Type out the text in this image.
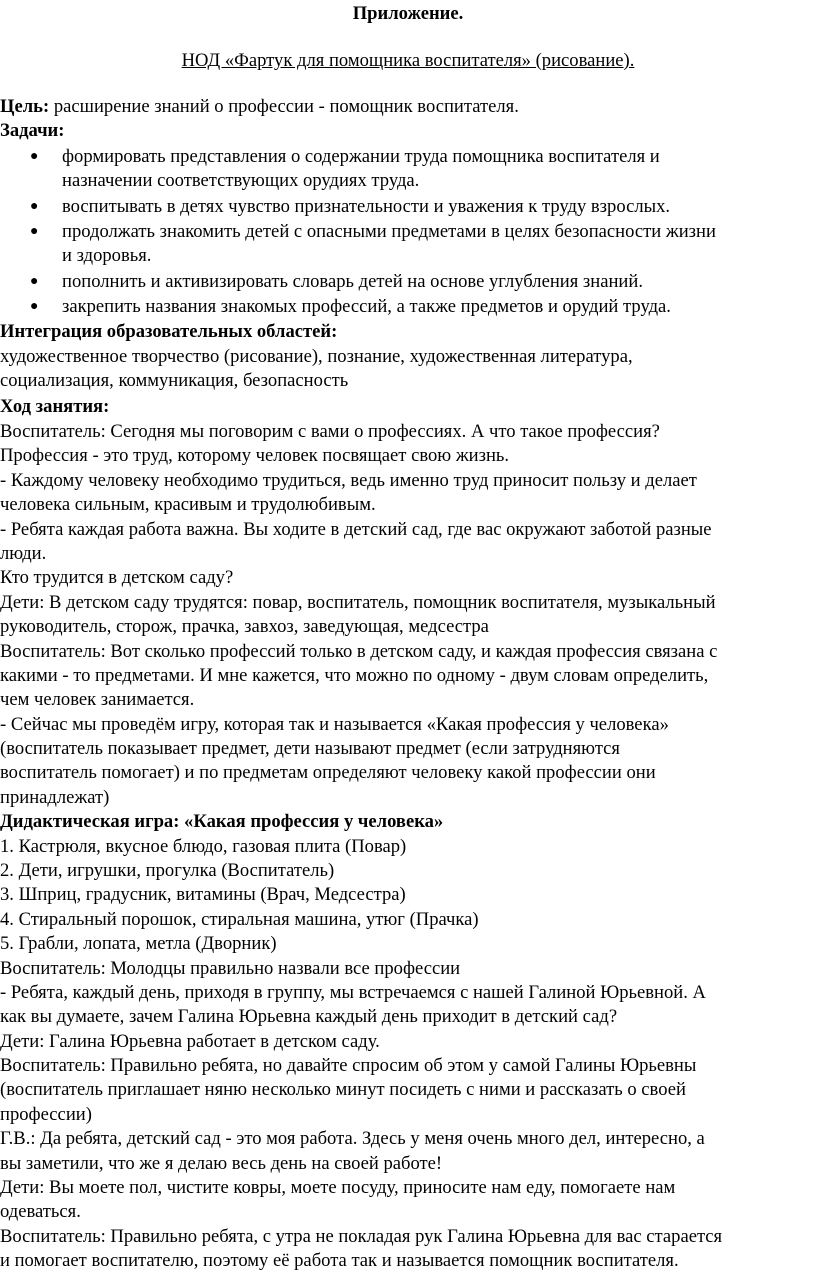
Приложение.
НОД «Фартук для помощника воспитателя» (рисование).
Цель: расширение знаний о профессии - помощник воспитателя.
Задачи:
● формировать представления о содержании труда помощника воспитателя и
назначении соответствующих орудиях труда.
● воспитывать в детях чувство признательности и уважения к труду взрослых.
● продолжать знакомить детей с опасными предметами в целях безопасности жизни
и здоровья.
● пополнить и активизировать словарь детей на основе углубления знаний.
● закрепить названия знакомых профессий, а также предметов и орудий труда.
Интеграция образовательных областей:
художественное творчество (рисование), познание, художественная литература,
социализация, коммуникация, безопасность
Ход занятия:
Воспитатель: Сегодня мы поговорим с вами о профессиях. А что такое профессия?
Профессия - это труд, которому человек посвящает свою жизнь.
- Каждому человеку необходимо трудиться, ведь именно труд приносит пользу и делает
человека сильным, красивым и трудолюбивым.
- Ребята каждая работа важна. Вы ходите в детский сад, где вас окружают заботой разные
люди.
Кто трудится в детском саду?
Дети: В детском саду трудятся: повар, воспитатель, помощник воспитателя, музыкальный
руководитель, сторож, прачка, завхоз, заведующая, медсестра
Воспитатель: Вот сколько профессий только в детском саду, и каждая профессия связана с
какими - то предметами. И мне кажется, что можно по одному - двум словам определить,
чем человек занимается.
- Сейчас мы проведём игру, которая так и называется «Какая профессия у человека»
(воспитатель показывает предмет, дети называют предмет (если затрудняются
воспитатель помогает) и по предметам определяют человеку какой профессии они
принадлежат)
Дидактическая игра: «Какая профессия у человека»
1. Кастрюля, вкусное блюдо, газовая плита (Повар)
2. Дети, игрушки, прогулка (Воспитатель)
3. Шприц, градусник, витамины (Врач, Медсестра)
4. Стиральный порошок, стиральная машина, утюг (Прачка)
5. Грабли, лопата, метла (Дворник)
Воспитатель: Молодцы правильно назвали все профессии
- Ребята, каждый день, приходя в группу, мы встречаемся с нашей Галиной Юрьевной. А
как вы думаете, зачем Галина Юрьевна каждый день приходит в детский сад?
Дети: Галина Юрьевна работает в детском саду.
Воспитатель: Правильно ребята, но давайте спросим об этом у самой Галины Юрьевны
(воспитатель приглашает няню несколько минут посидеть с ними и рассказать о своей
профессии)
Г.В.: Да ребята, детский сад - это моя работа. Здесь у меня очень много дел, интересно, а
вы заметили, что же я делаю весь день на своей работе!
Дети: Вы моете пол, чистите ковры, моете посуду, приносите нам еду, помогаете нам
одеваться.
Воспитатель: Правильно ребята, с утра не покладая рук Галина Юрьевна для вас старается
и помогает воспитателю, поэтому её работа так и называется помощник воспитателя.
